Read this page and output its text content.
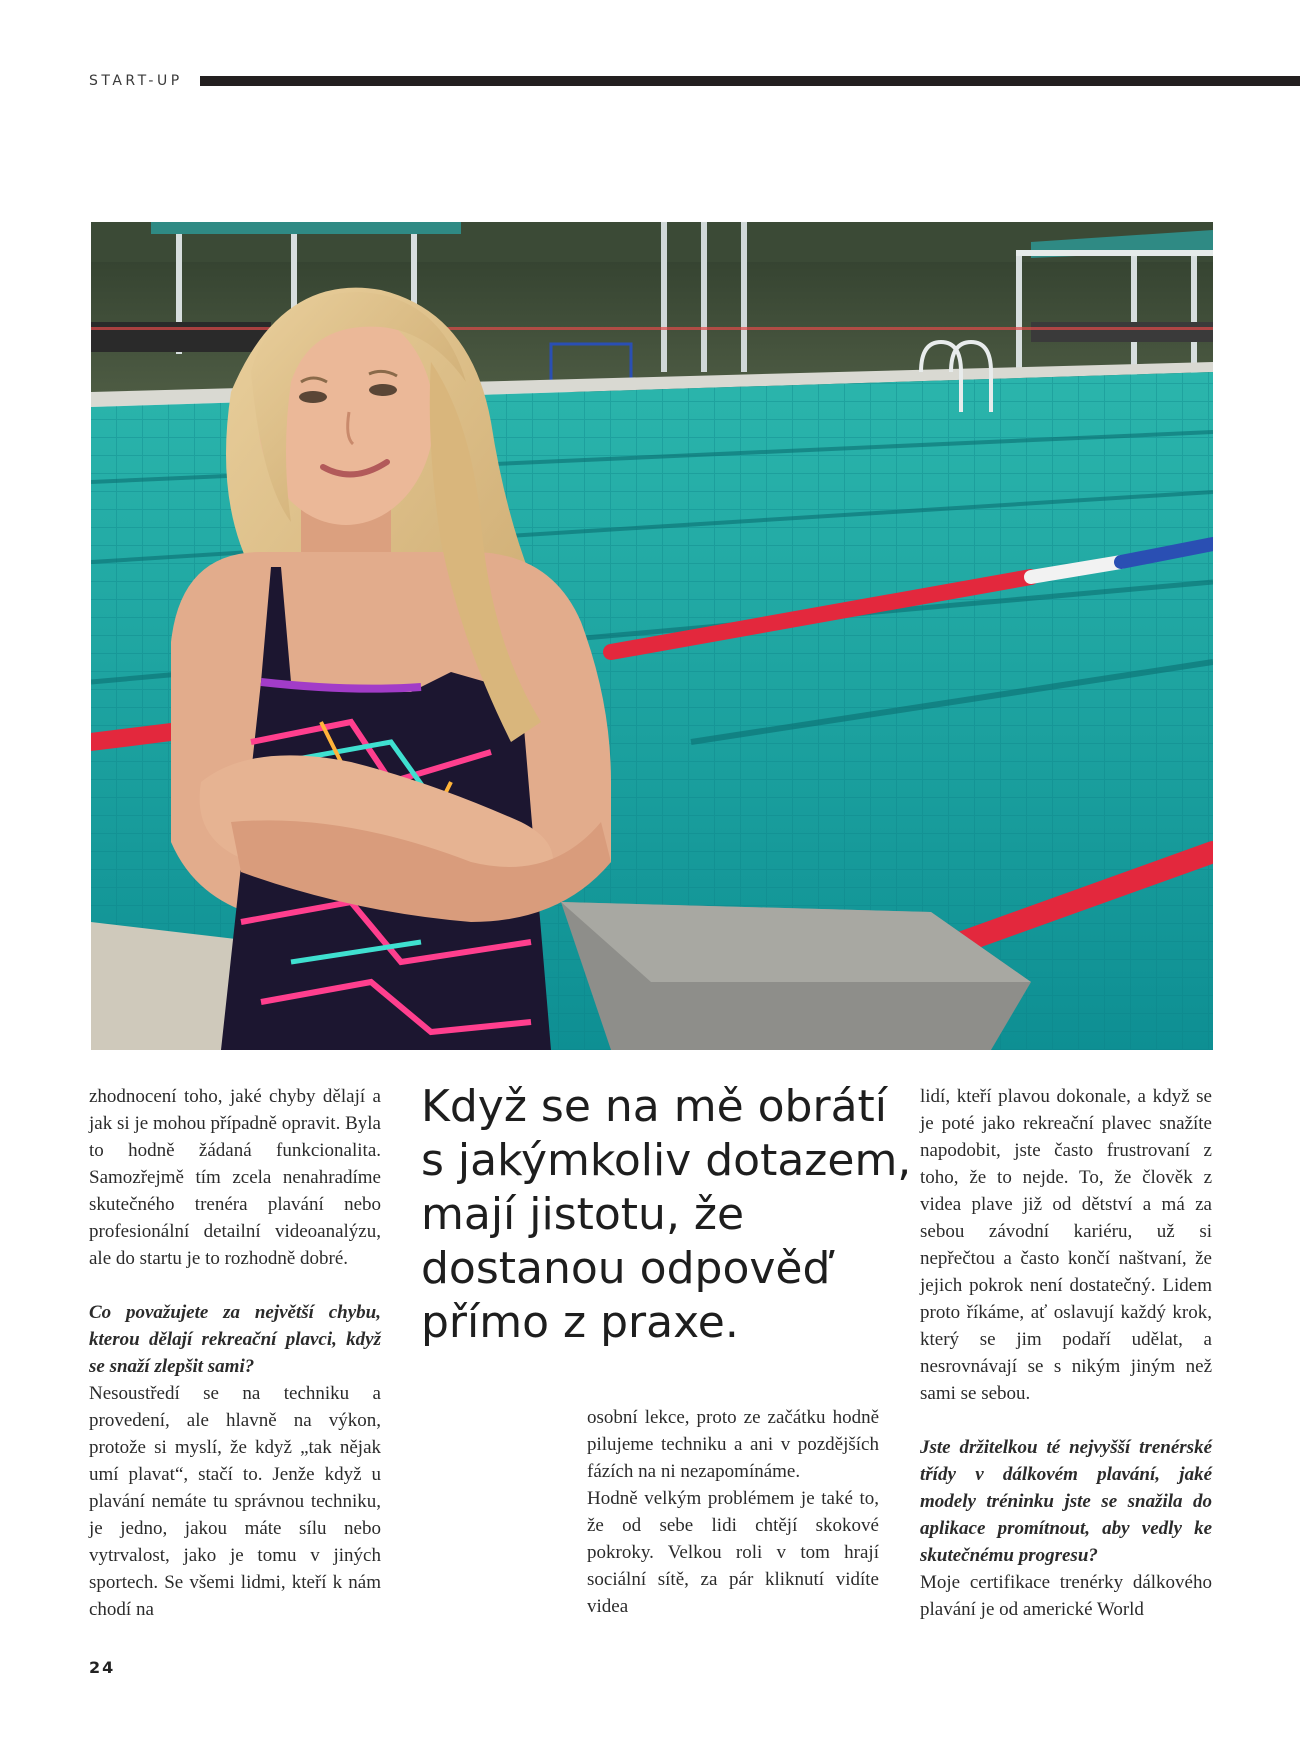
START-UP

zhodnocení toho, jaké chyby dělají a jak si je mohou případně opravit. Byla to hodně žádaná funkcionalita. Samozřejmě tím zcela nenahradíme skutečného trenéra plavání nebo profesionální detailní videoanalýzu, ale do startu je to rozhodně dobré.

Co považujete za největší chybu, kterou dělají rekreační plavci, když se snaží zlepšit sami?

Nesoustředí se na techniku a provedení, ale hlavně na výkon, protože si myslí, že když „tak nějak umí plavat“, stačí to. Jenže když u plavání nemáte tu správnou techniku, je jedno, jakou máte sílu nebo vytrvalost, jako je tomu v jiných sportech. Se všemi lidmi, kteří k nám chodí na

Když se na mě obrátí
s jakýmkoliv dotazem,
mají jistotu, že
dostanou odpověď
přímo z praxe.

osobní lekce, proto ze začátku hodně pilujeme techniku a ani v pozdějších fázích na ni nezapomínáme.

Hodně velkým problémem je také to, že od sebe lidi chtějí skokové pokroky. Velkou roli v tom hrají sociální sítě, za pár kliknutí vidíte videa

lidí, kteří plavou dokonale, a když se je poté jako rekreační plavec snažíte napodobit, jste často frustrovaní z toho, že to nejde. To, že člověk z videa plave již od dětství a má za sebou závodní kariéru, už si nepřečtou a často končí naštvaní, že jejich pokrok není dostatečný. Lidem proto říkáme, ať oslavují každý krok, který se jim podaří udělat, a nesrovnávají se s nikým jiným než sami se sebou.

Jste držitelkou té nejvyšší trenérské třídy v dálkovém plavání, jaké modely tréninku jste se snažila do aplikace promítnout, aby vedly ke skutečnému progresu?

Moje certifikace trenérky dálkového plavání je od americké World

24
